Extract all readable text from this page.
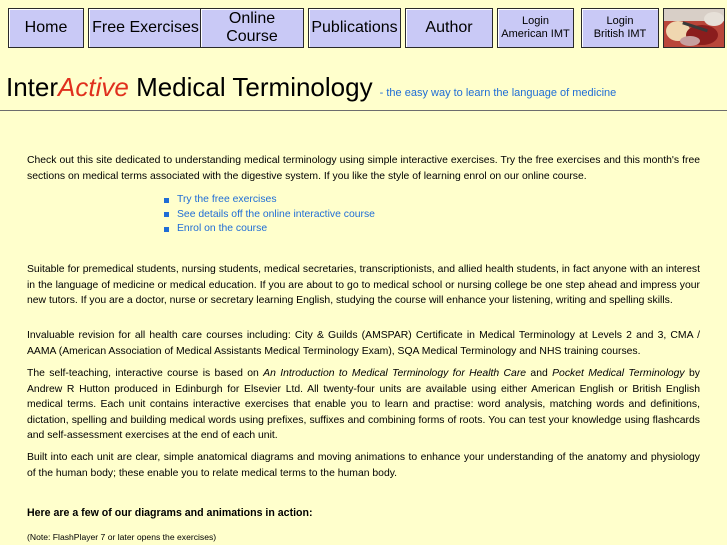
Home Free Exercises
Online Course
Publications Author	Login
American IMT
Login
British IMT
InterActive Medical Terminology - the easy way to learn the language of medicine
Check out this site dedicated to understanding medical terminology using simple interactive exercises. Try the free exercises and this month's free sections on medical terms associated with the digestive system. If you like the style of learning enrol on our online course.
Try the free exercises
See details off the online interactive course
Enrol on the course
Suitable for premedical students, nursing students, medical secretaries, transcriptionists, and allied health students, in fact anyone with an interest in the language of medicine or medical education. If you are about to go to medical school or nursing college be one step ahead and impress your new tutors. If you are a doctor, nurse or secretary learning English, studying the course will enhance your listening, writing and spelling skills.
Invaluable revision for all health care courses including: City & Guilds (AMSPAR) Certificate in Medical Terminology at Levels 2 and 3, CMA / AAMA (American Association of Medical Assistants Medical Terminology Exam), SQA Medical Terminology and NHS training courses.
The self-teaching, interactive course is based on An Introduction to Medical Terminology for Health Care and Pocket Medical Terminology by Andrew R Hutton produced in Edinburgh for Elsevier Ltd. All twenty-four units are available using either American English or British English medical terms. Each unit contains interactive exercises that enable you to learn and practise: word analysis, matching words and definitions, dictation, spelling and building medical words using prefixes, suffixes and combining forms of roots. You can test your knowledge using flashcards and self-assessment exercises at the end of each unit.
Built into each unit are clear, simple anatomical diagrams and moving animations to enhance your understanding of the anatomy and physiology of the human body; these enable you to relate medical terms to the human body.
Here are a few of our diagrams and animations in action:
(Note: FlashPlayer 7 or later opens the exercises)
